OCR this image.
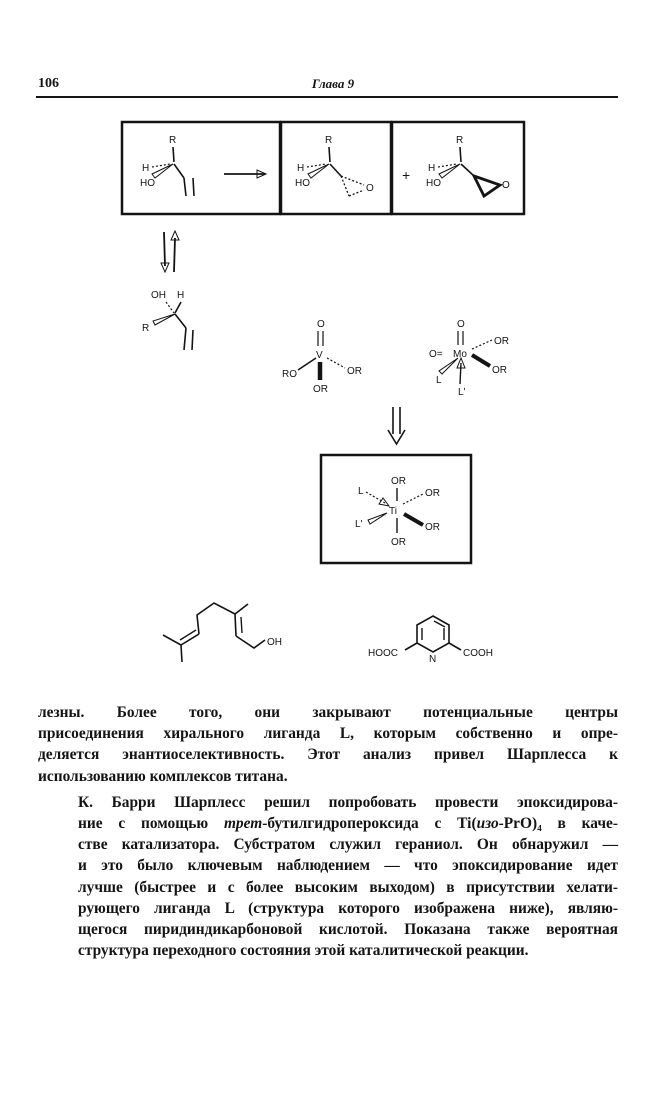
106	Глава 9
R
H
HO
R
H
HO	O
+
R
H
HO	O
OH H
R	O
V
RO	OR
OR
O
O= Mo
OR
OR
L
L'
OR
L	OR
Ti
L'	OR
OR
OH
N
HOOC	COOH

лезны. Более того, они закрывают потенциальные центры
присоединения хирального лиганда L, которым собственно и опре-
деляется энантиоселективность. Этот анализ привел Шарплесса к
использованию комплексов титана.

К. Барри Шарплесс решил попробовать провести эпоксидирова-
ние с помощью трет-бутилгидропероксида с Ti(изо-PrO)₄ в каче-
стве катализатора. Субстратом служил гераниол. Он обнаружил —
и это было ключевым наблюдением — что эпоксидирование идет
лучше (быстрее и с более высоким выходом) в присутствии хелати-
рующего лиганда L (структура которого изображена ниже), являю-
щегося пиридиндикарбоновой кислотой. Показана также вероятная
структура переходного состояния этой каталитической реакции.
